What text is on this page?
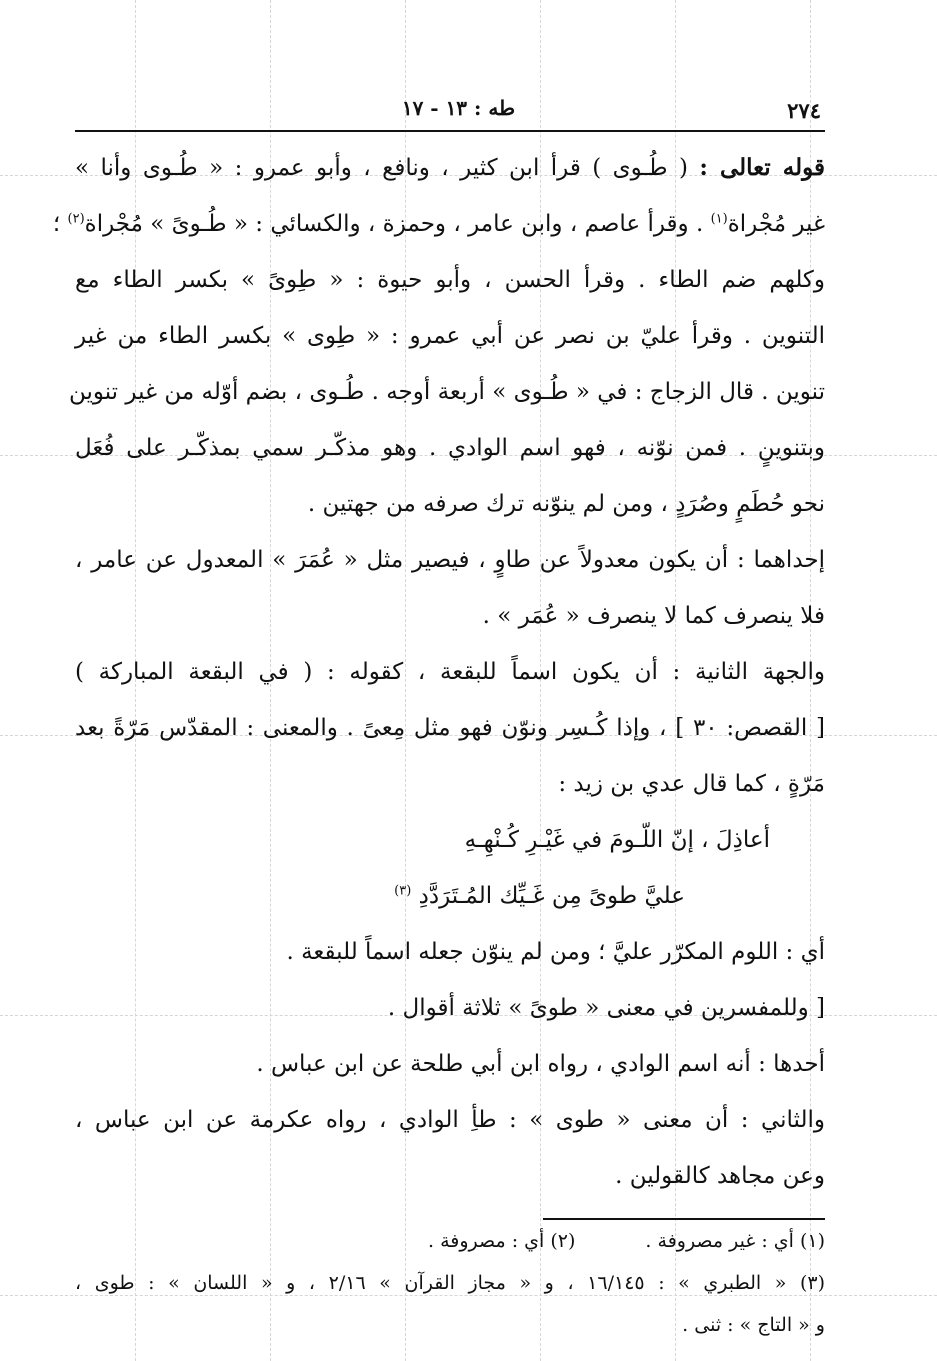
٢٧٤
طه : ١٣ - ١٧
قوله تعالى : ( طُـوى ) قرأ ابن كثير ، ونافع ، وأبو عمرو : « طُـوى وأنا »
غير مُجْراة$^{(١)}$ . وقرأ عاصم ، وابن عامر ، وحمزة ، والكسائي : « طُـوىً » مُجْراة$^{(٢)}$ ؛
وكلهم ضم الطاء . وقرأ الحسن ، وأبو حيوة : « طِوىً » بكسر الطاء مع
التنوين . وقرأ عليّ بن نصر عن أبي عمرو : « طِوى » بكسر الطاء من غير
تنوين . قال الزجاج : في « طُـوى » أربعة أوجه . طُـوى ، بضم أوّله من غير تنوين
وبتنوينٍ . فمن نوّنه ، فهو اسم الوادي . وهو مذكّـر سمي بمذكّـر على فُعَل
نحو حُطَمٍ وصُرَدٍ ، ومن لم ينوّنه ترك صرفه من جهتين .
إحداهما : أن يكون معدولاً عن طاوٍ ، فيصير مثل « عُمَرَ » المعدول عن عامر ،
فلا ينصرف كما لا ينصرف « عُمَر » .
والجهة الثانية : أن يكون اسماً للبقعة ، كقوله : ( في البقعة المباركة )
[ القصص: ٣٠ ] ، وإذا كُـسِر ونوّن فهو مثل مِعىً . والمعنى : المقدّس مَرّةً بعد
مَرّةٍ ، كما قال عدي بن زيد :
أعاذِلَ ، إنّ اللّـومَ في غَيْـرِ كُـنْهِـهِ
عليَّ طوىً مِن غَـيِّك المُـتَرَدَّدِ $^{(٣)}$
أي : اللوم المكرّر عليَّ ؛ ومن لم ينوّن جعله اسماً للبقعة .
[ وللمفسرين في معنى « طوىً » ثلاثة أقوال .
أحدها : أنه اسم الوادي ، رواه ابن أبي طلحة عن ابن عباس .
والثاني : أن معنى « طوى » : طأِ الوادي ، رواه عكرمة عن ابن عباس ،
وعن مجاهد كالقولين .
(١) أي : غير مصروفة .(٢) أي : مصروفة .
(٣) « الطبري » : ١٦/١٤٥ ، و « مجاز القرآن » ٢/١٦ ، و « اللسان » : طوى ،
و « التاج » : ثنى .
